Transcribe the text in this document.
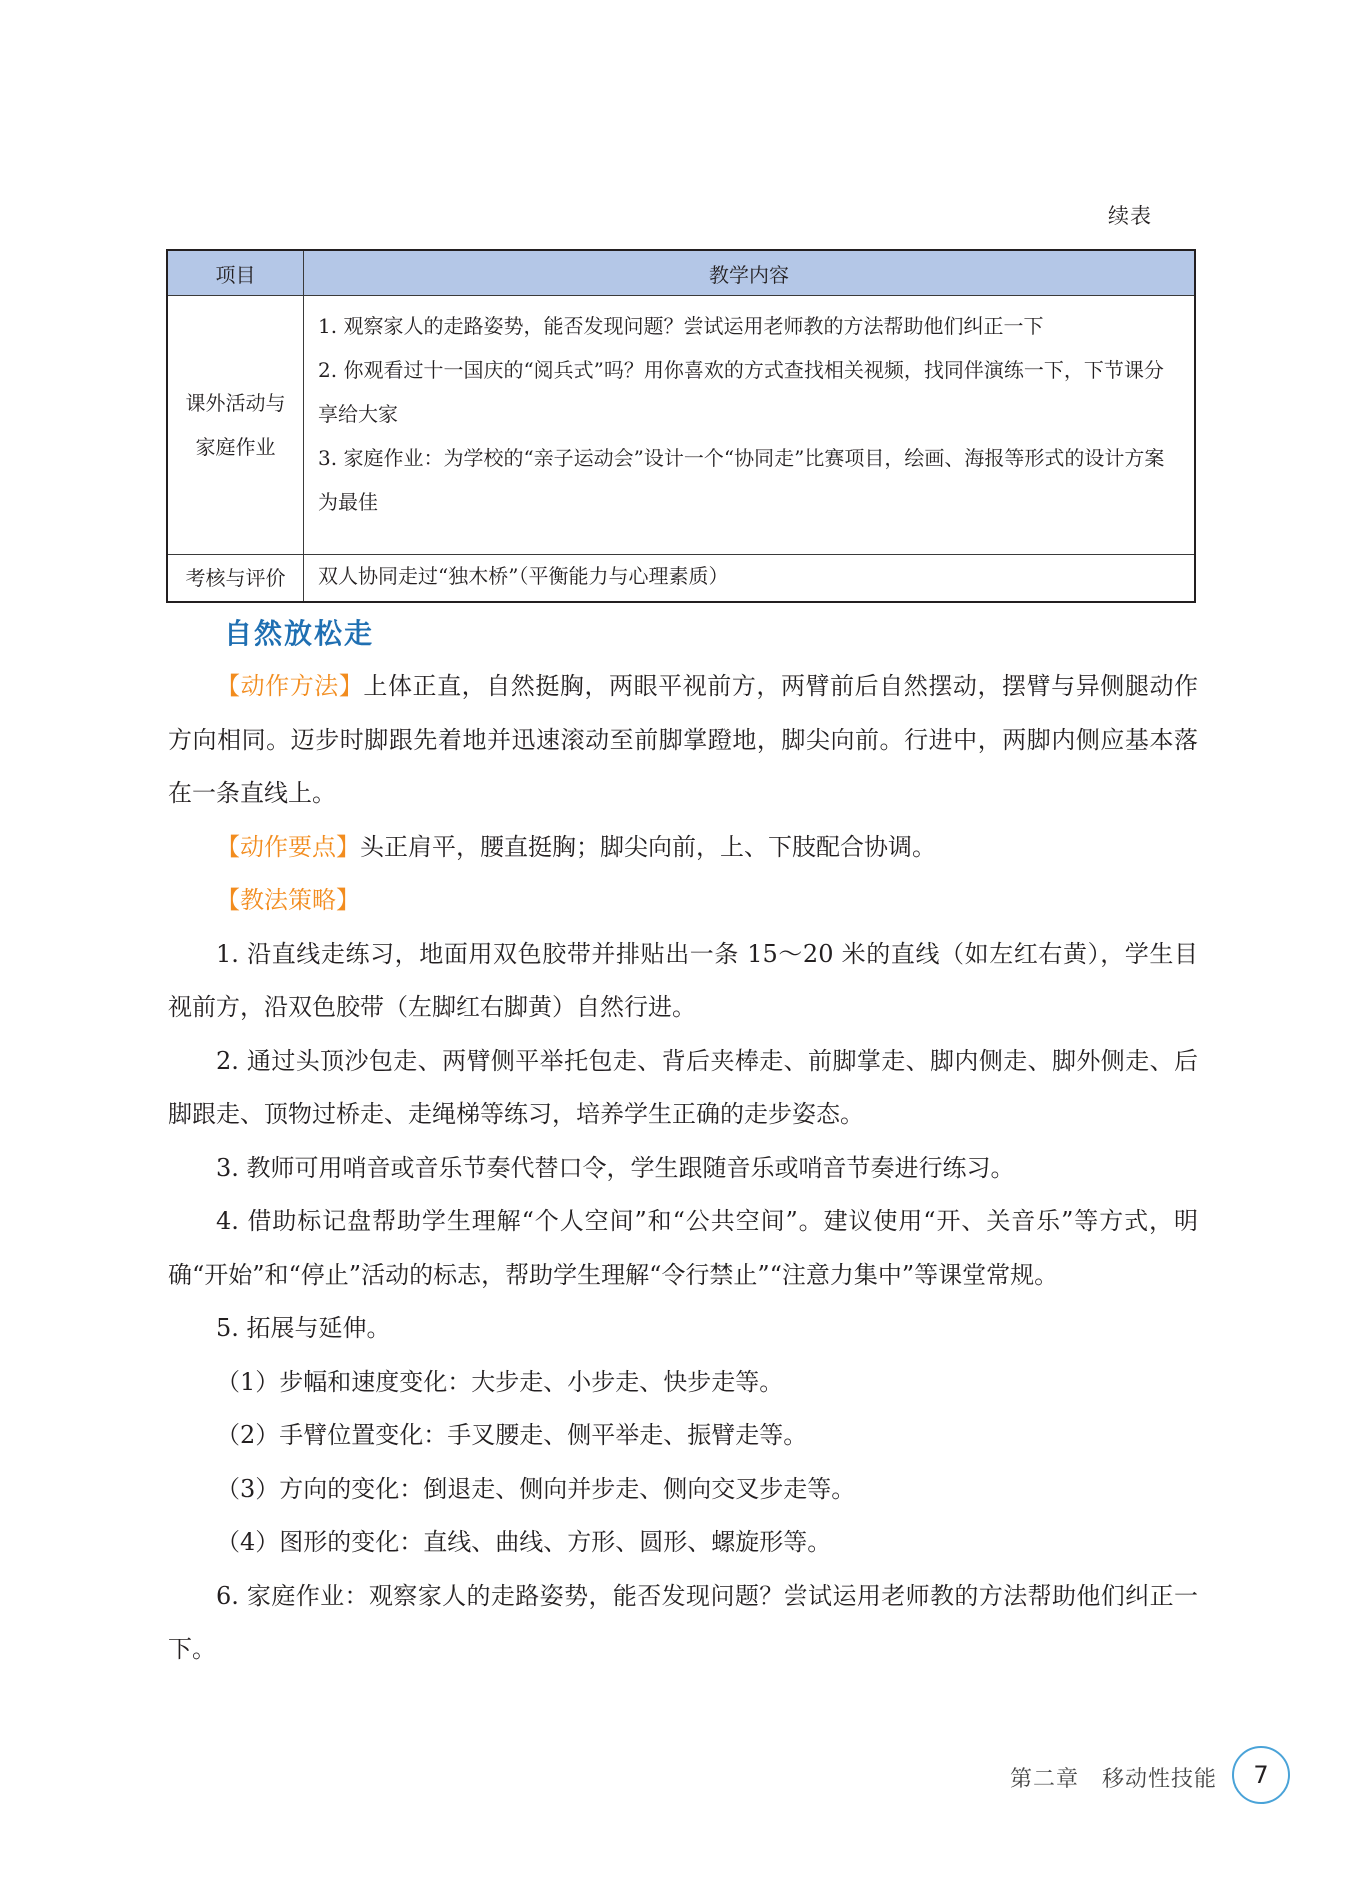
续表
项目	教学内容

课外活动与家庭作业	1. 观察家人的走路姿势，能否发现问题？尝试运用老师教的方法帮助他们纠正一下

2. 你观看过十一国庆的“阅兵式”吗？用你喜欢的方式查找相关视频，找同伴演练一下，下节课分享给大家

3. 家庭作业：为学校的“亲子运动会”设计一个“协同走”比赛项目，绘画、海报等形式的设计方案为最佳

考核与评价	双人协同走过“独木桥”（平衡能力与心理素质）

自然放松走

【动作方法】上体正直，自然挺胸，两眼平视前方，两臂前后自然摆动，摆臂与异侧腿动作方向相同。迈步时脚跟先着地并迅速滚动至前脚掌蹬地，脚尖向前。行进中，两脚内侧应基本落在一条直线上。

【动作要点】头正肩平，腰直挺胸；脚尖向前，上、下肢配合协调。

【教法策略】

1. 沿直线走练习，地面用双色胶带并排贴出一条 15～20 米的直线（如左红右黄），学生目视前方，沿双色胶带（左脚红右脚黄）自然行进。

2. 通过头顶沙包走、两臂侧平举托包走、背后夹棒走、前脚掌走、脚内侧走、脚外侧走、后脚跟走、顶物过桥走、走绳梯等练习，培养学生正确的走步姿态。

3. 教师可用哨音或音乐节奏代替口令，学生跟随音乐或哨音节奏进行练习。

4. 借助标记盘帮助学生理解“个人空间”和“公共空间”。建议使用“开、关音乐”等方式，明确“开始”和“停止”活动的标志，帮助学生理解“令行禁止”“注意力集中”等课堂常规。

5. 拓展与延伸。

（1）步幅和速度变化：大步走、小步走、快步走等。

（2）手臂位置变化：手叉腰走、侧平举走、振臂走等。

（3）方向的变化：倒退走、侧向并步走、侧向交叉步走等。

（4）图形的变化：直线、曲线、方形、圆形、螺旋形等。

6. 家庭作业：观察家人的走路姿势，能否发现问题？尝试运用老师教的方法帮助他们纠正一下。

第二章　移动性技能	7
